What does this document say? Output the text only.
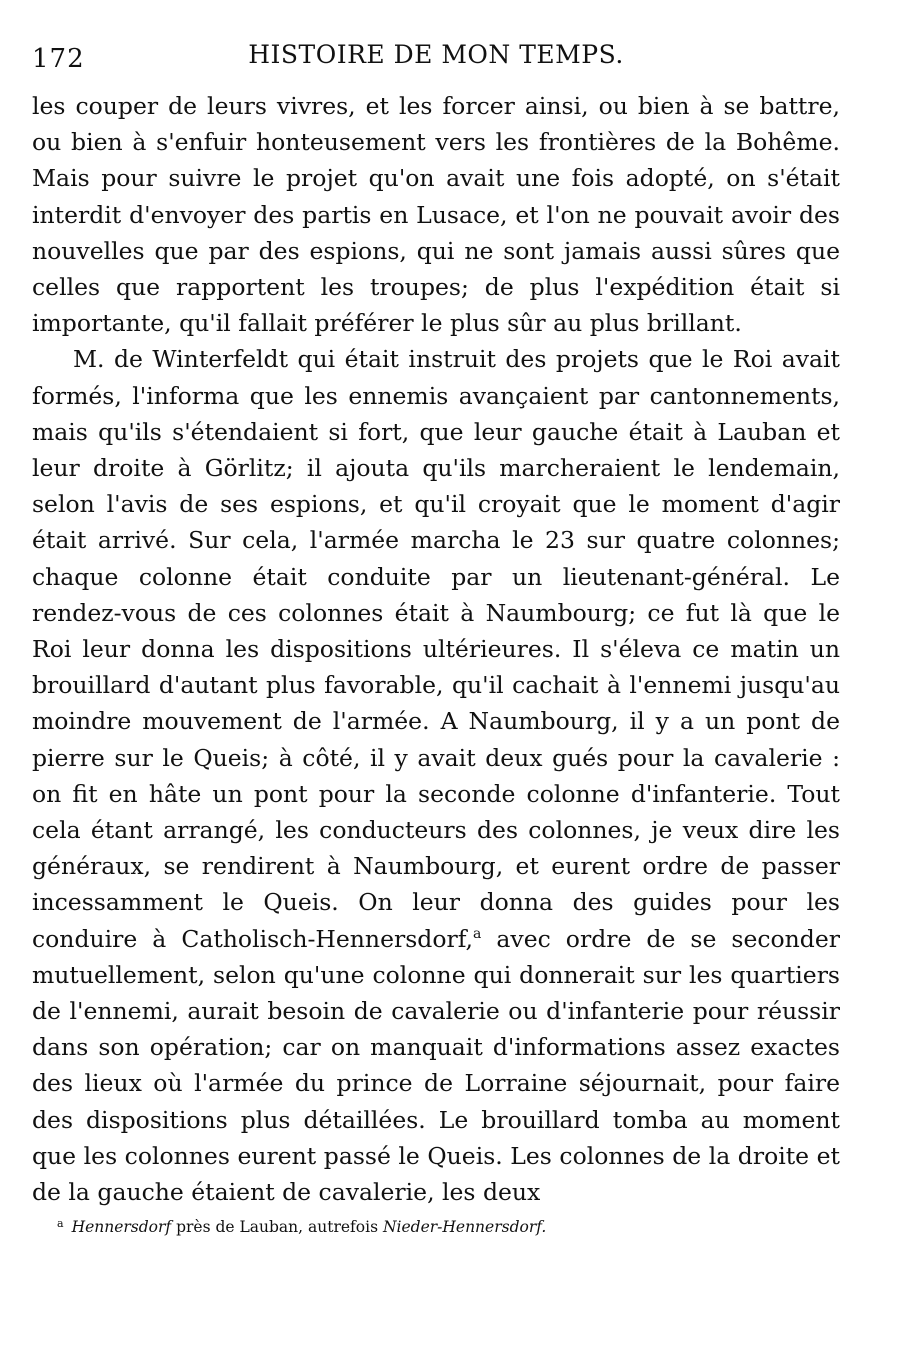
172	HISTOIRE DE MON TEMPS.

les couper de leurs vivres, et les forcer ainsi, ou bien à se battre, ou bien à s'enfuir honteusement vers les frontières de la Bohême. Mais pour suivre le projet qu'on avait une fois adopté, on s'était interdit d'envoyer des partis en Lusace, et l'on ne pouvait avoir des nouvelles que par des espions, qui ne sont jamais aussi sûres que celles que rapportent les troupes; de plus l'expédition était si importante, qu'il fallait préférer le plus sûr au plus brillant.

M. de Winterfeldt qui était instruit des projets que le Roi avait formés, l'informa que les ennemis avançaient par cantonnements, mais qu'ils s'étendaient si fort, que leur gauche était à Lauban et leur droite à Görlitz; il ajouta qu'ils marcheraient le lendemain, selon l'avis de ses espions, et qu'il croyait que le moment d'agir était arrivé. Sur cela, l'armée marcha le 23 sur quatre colonnes; chaque colonne était conduite par un lieutenant-général. Le rendez-vous de ces colonnes était à Naumbourg; ce fut là que le Roi leur donna les dispositions ultérieures. Il s'éleva ce matin un brouillard d'autant plus favorable, qu'il cachait à l'ennemi jusqu'au moindre mouvement de l'armée. A Naumbourg, il y a un pont de pierre sur le Queis; à côté, il y avait deux gués pour la cavalerie : on fit en hâte un pont pour la seconde colonne d'infanterie. Tout cela étant arrangé, les conducteurs des colonnes, je veux dire les généraux, se rendirent à Naumbourg, et eurent ordre de passer incessamment le Queis. On leur donna des guides pour les conduire à Catholisch-Hennersdorf,$^a$ avec ordre de se seconder mutuellement, selon qu'une colonne qui donnerait sur les quartiers de l'ennemi, aurait besoin de cavalerie ou d'infanterie pour réussir dans son opération; car on manquait d'informations assez exactes des lieux où l'armée du prince de Lorraine séjournait, pour faire des dispositions plus détaillées. Le brouillard tomba au moment que les colonnes eurent passé le Queis. Les colonnes de la droite et de la gauche étaient de cavalerie, les deux

$^a$ Hennersdorf près de Lauban, autrefois Nieder-Hennersdorf.
